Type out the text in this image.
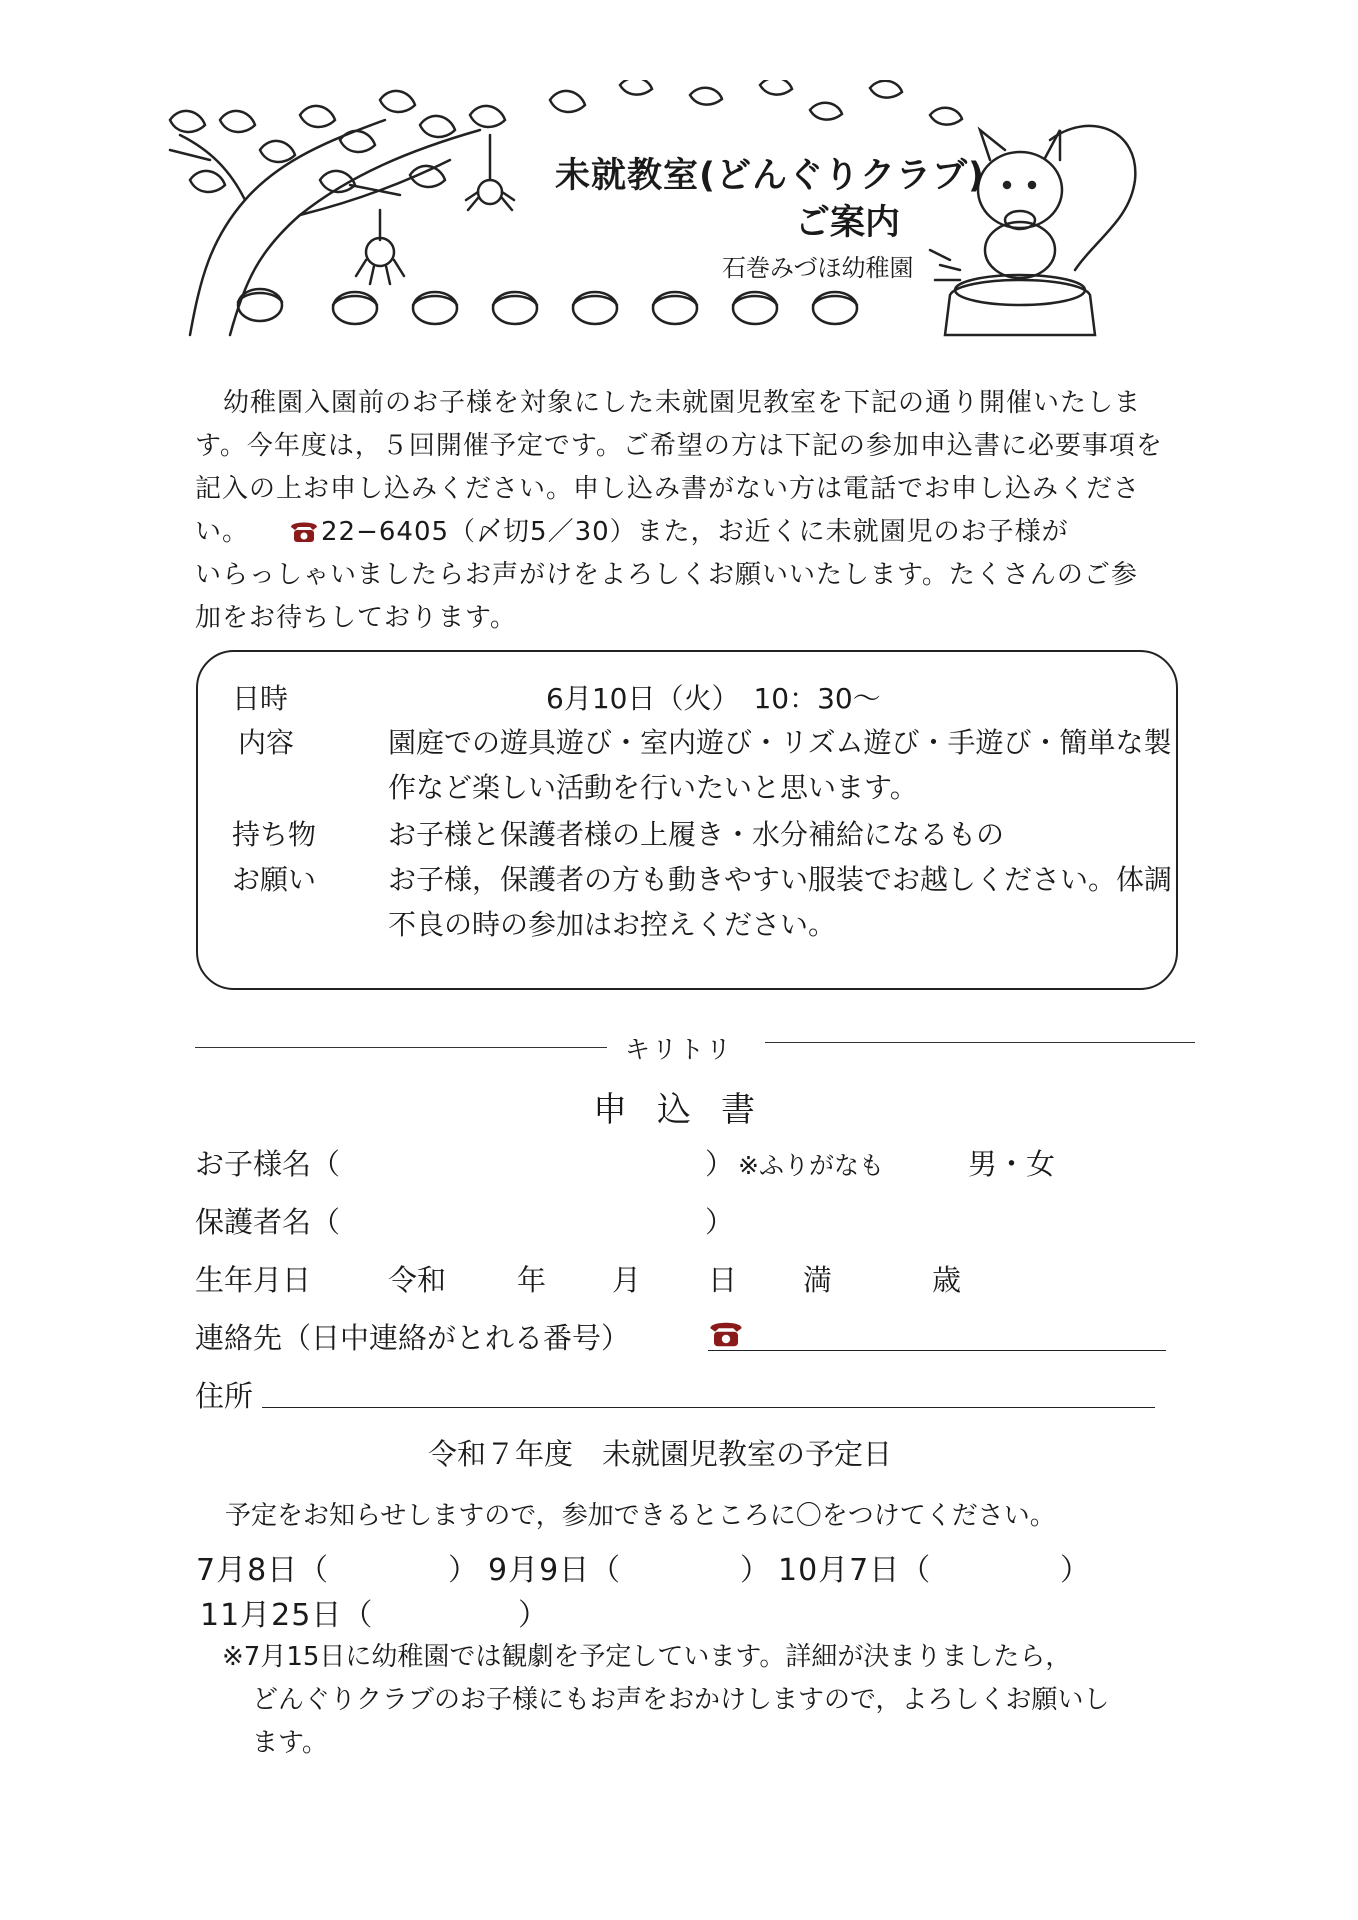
未就教室(どんぐりクラブ)
ご案内
石巻みづほ幼稚園

幼稚園入園前のお子様を対象にした未就園児教室を下記の通り開催いたしま

す。今年度は，５回開催予定です。ご希望の方は下記の参加申込書に必要事項を

記入の上お申し込みください。申し込み書がない方は電話でお申し込みくださ

い。	22−6405（〆切5／30）また，お近くに未就園児のお子様が

いらっしゃいましたらお声がけをよろしくお願いいたします。たくさんのご参

加をお待ちしております。

日時	6月10日（火）　10：30〜
内容	園庭での遊具遊び・室内遊び・リズム遊び・手遊び・簡単な製作など楽しい活動を行いたいと思います。
持ち物	お子様と保護者様の上履き・水分補給になるもの
お願い	お子様，保護者の方も動きやすい服装でお越しください。体調不良の時の参加はお控えください。
キリトリ
申込書
お子様名（	） ※ふりがなも	男・女
保護者名（	）
生年月日	令和 年 月 日 満	歳
連絡先（日中連絡がとれる番号）
住所
令和７年度　未就園児教室の予定日
予定をお知らせしますので，参加できるところに〇をつけてください。
7月8日（	） 9月9日（	） 10月7日（	）
11月25日（	）

※7月15日に幼稚園では観劇を予定しています。詳細が決まりましたら，

どんぐりクラブのお子様にもお声をおかけしますので，よろしくお願いし

ます。
